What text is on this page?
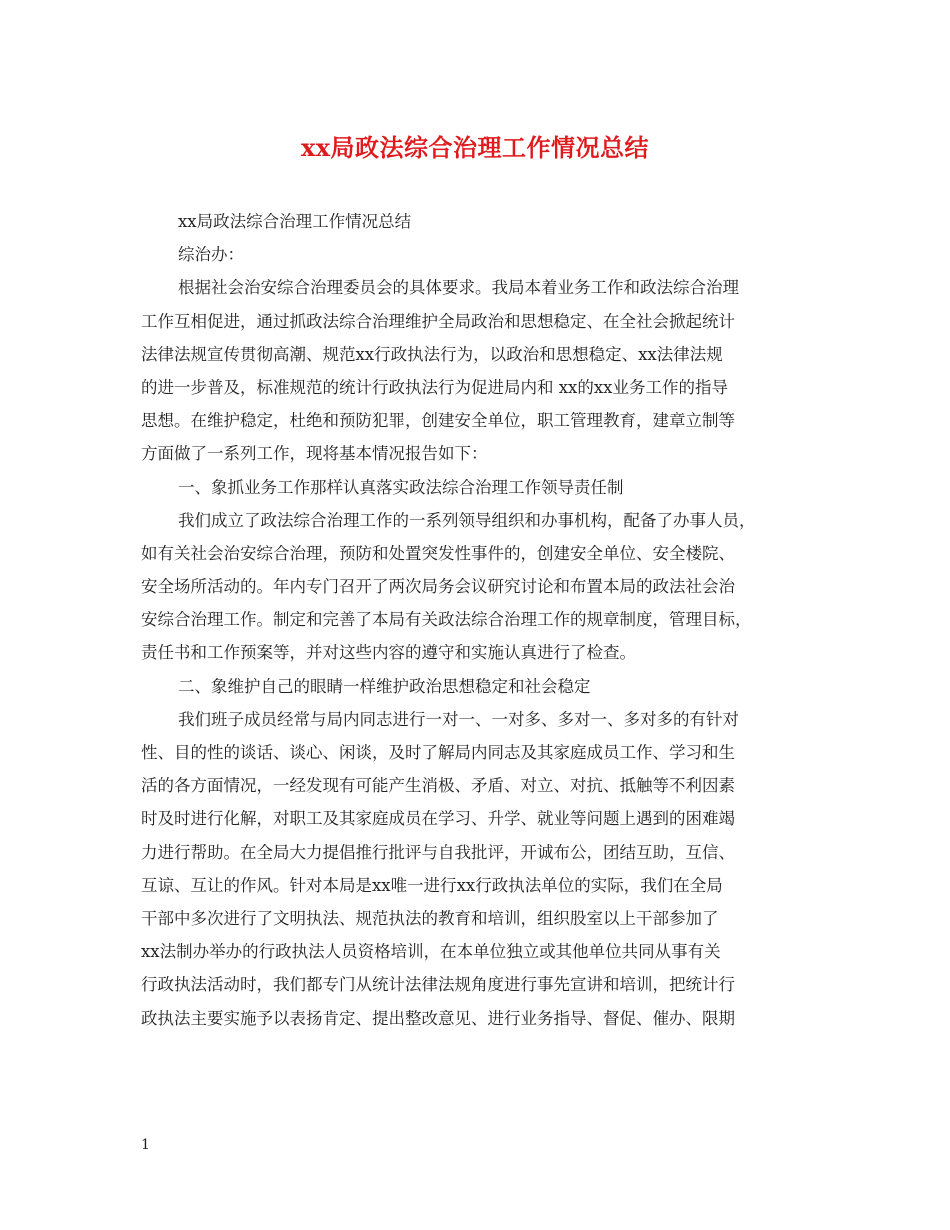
xx局政法综合治理工作情况总结
xx局政法综合治理工作情况总结
综治办：
根据社会治安综合治理委员会的具体要求。我局本着业务工作和政法综合治理
工作互相促进，通过抓政法综合治理维护全局政治和思想稳定、在全社会掀起统计
法律法规宣传贯彻高潮、规范xx行政执法行为，以政治和思想稳定、xx法律法规
的进一步普及，标准规范的统计行政执法行为促进局内和 xx的xx业务工作的指导
思想。在维护稳定，杜绝和预防犯罪，创建安全单位，职工管理教育，建章立制等
方面做了一系列工作，现将基本情况报告如下：
一、象抓业务工作那样认真落实政法综合治理工作领导责任制
我们成立了政法综合治理工作的一系列领导组织和办事机构，配备了办事人员，
如有关社会治安综合治理，预防和处置突发性事件的，创建安全单位、安全楼院、
安全场所活动的。年内专门召开了两次局务会议研究讨论和布置本局的政法社会治
安综合治理工作。制定和完善了本局有关政法综合治理工作的规章制度，管理目标，
责任书和工作预案等，并对这些内容的遵守和实施认真进行了检查。
二、象维护自己的眼睛一样维护政治思想稳定和社会稳定
我们班子成员经常与局内同志进行一对一、一对多、多对一、多对多的有针对
性、目的性的谈话、谈心、闲谈，及时了解局内同志及其家庭成员工作、学习和生
活的各方面情况，一经发现有可能产生消极、矛盾、对立、对抗、抵触等不利因素
时及时进行化解，对职工及其家庭成员在学习、升学、就业等问题上遇到的困难竭
力进行帮助。在全局大力提倡推行批评与自我批评，开诚布公，团结互助，互信、
互谅、互让的作风。针对本局是xx唯一进行xx行政执法单位的实际，我们在全局
干部中多次进行了文明执法、规范执法的教育和培训，组织股室以上干部参加了
xx法制办举办的行政执法人员资格培训，在本单位独立或其他单位共同从事有关
行政执法活动时，我们都专门从统计法律法规角度进行事先宣讲和培训，把统计行
政执法主要实施予以表扬肯定、提出整改意见、进行业务指导、督促、催办、限期
1
